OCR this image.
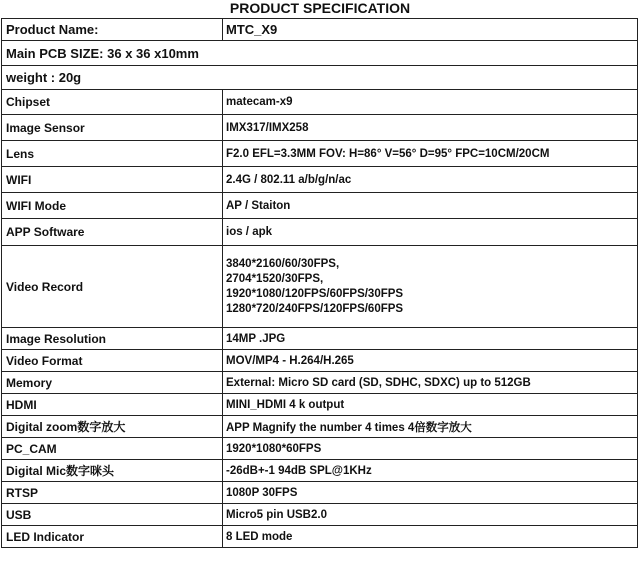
PRODUCT SPECIFICATION
Product Name:	MTC_X9
Main PCB SIZE: 36 x 36 x10mm	
weight : 20g	
Chipset	matecam-x9
Image Sensor	IMX317/IMX258
Lens	F2.0 EFL=3.3MM FOV: H=86° V=56° D=95° FPC=10CM/20CM
WIFI	2.4G / 802.11 a/b/g/n/ac
WIFI Mode	AP / Staiton
APP Software	ios / apk
Video Record	3840*2160/60/30FPS,
2704*1520/30FPS,
1920*1080/120FPS/60FPS/30FPS
1280*720/240FPS/120FPS/60FPS

Image Resolution	14MP .JPG
Video Format	MOV/MP4 - H.264/H.265
Memory	External: Micro SD card (SD, SDHC, SDXC) up to 512GB
HDMI	MINI_HDMI 4 k output
Digital zoom数字放大	APP Magnify the number 4 times 4倍数字放大
PC_CAM	1920*1080*60FPS
Digital Mic数字咪头	-26dB+-1 94dB SPL@1KHz
RTSP	1080P 30FPS
USB	Micro5 pin USB2.0
LED Indicator	8 LED mode
